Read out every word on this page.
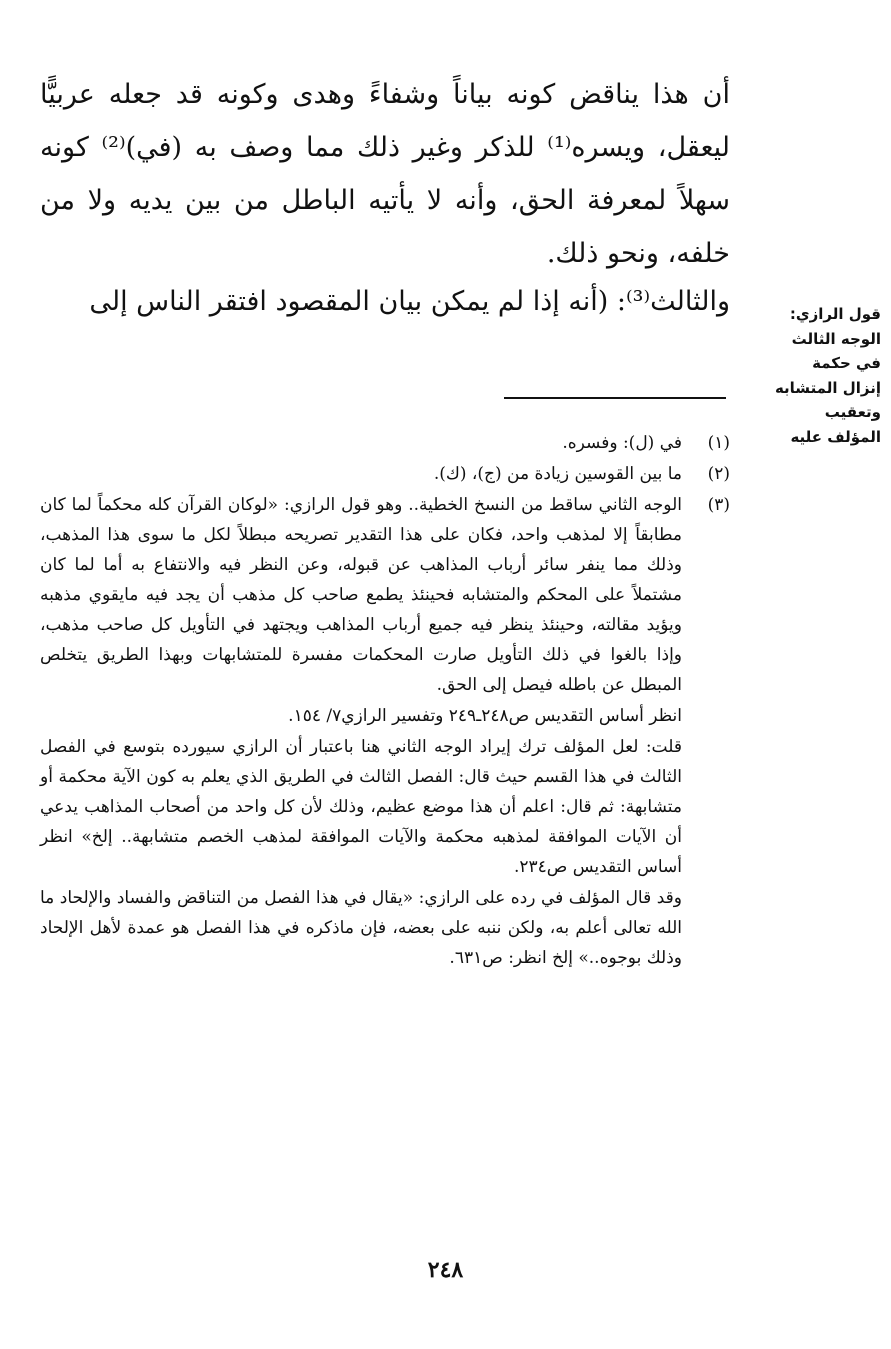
أن هذا يناقض كونه بياناً وشفاءً وهدى وكونه قد جعله عربيًّا ليعقل، ويسره⁽¹⁾ للذكر وغير ذلك مما وصف به (في)⁽²⁾ كونه سهلاً لمعرفة الحق، وأنه لا يأتيه الباطل من بين يديه ولا من خلفه، ونحو ذلك.

والثالث⁽³⁾: (أنه إذا لم يمكن بيان المقصود افتقر الناس إلى	قول الرازي:
الوجه الثالث
في حكمة
إنزال المتشابه
وتعقيب
المؤلف عليه
(١)
في (ل): وفسره.
(٢)
ما بين القوسين زيادة من (ج)، (ك).
(٣)
الوجه الثاني ساقط من النسخ الخطية.. وهو قول الرازي: «لوكان القرآن كله محكماً لما كان مطابقاً إلا لمذهب واحد، فكان على هذا التقدير تصريحه مبطلاً لكل ما سوى هذا المذهب، وذلك مما ينفر سائر أرباب المذاهب عن قبوله، وعن النظر فيه والانتفاع به أما لما كان مشتملاً على المحكم والمتشابه فحينئذ يطمع صاحب كل مذهب أن يجد فيه مايقوي مذهبه ويؤيد مقالته، وحينئذ ينظر فيه جميع أرباب المذاهب ويجتهد في التأويل كل صاحب مذهب، وإذا بالغوا في ذلك التأويل صارت المحكمات مفسرة للمتشابهات وبهذا الطريق يتخلص المبطل عن باطله فيصل إلى الحق.
انظر أساس التقديس ص٢٤٨ـ٢٤٩ وتفسير الرازي٧/ ١٥٤.
قلت: لعل المؤلف ترك إيراد الوجه الثاني هنا باعتبار أن الرازي سيورده بتوسع في الفصل الثالث في هذا القسم حيث قال: الفصل الثالث في الطريق الذي يعلم به كون الآية محكمة أو متشابهة: ثم قال: اعلم أن هذا موضع عظيم، وذلك لأن كل واحد من أصحاب المذاهب يدعي أن الآيات الموافقة لمذهبه محكمة والآيات الموافقة لمذهب الخصم متشابهة.. إلخ» انظر أساس التقديس ص٢٣٤.
وقد قال المؤلف في رده على الرازي: «يقال في هذا الفصل من التناقض والفساد والإلحاد ما الله تعالى أعلم به، ولكن ننبه على بعضه، فإن ماذكره في هذا الفصل هو عمدة لأهل الإلحاد وذلك بوجوه..» إلخ انظر: ص٦٣١.
٢٤٨
